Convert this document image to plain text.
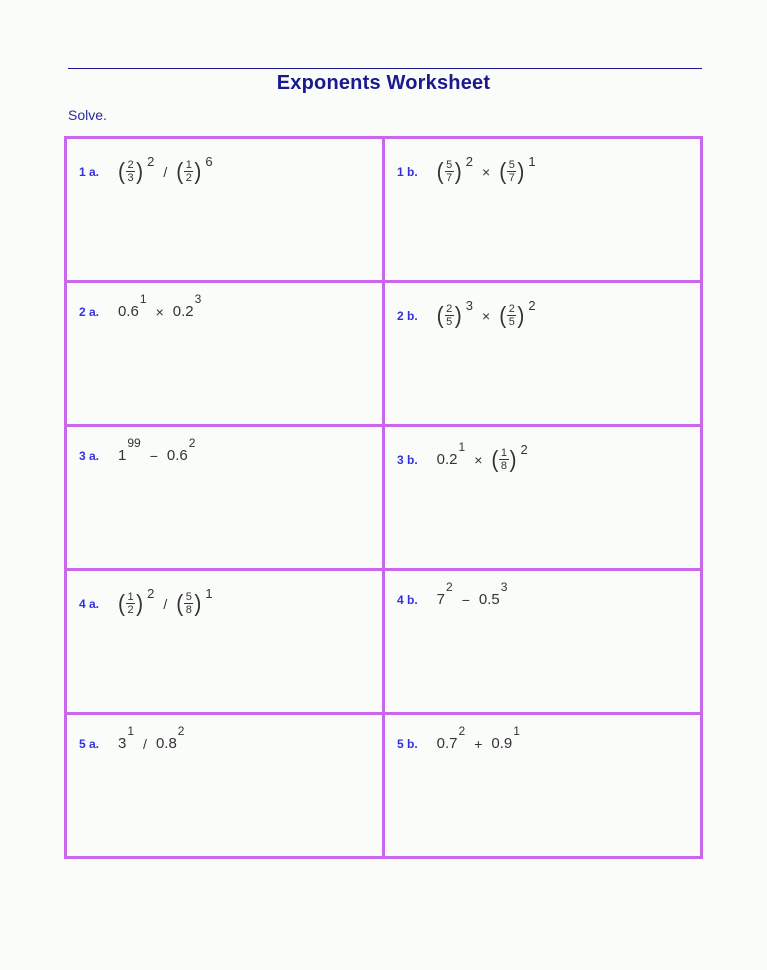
Exponents Worksheet
Solve.
1 a. ( $\frac{2}{3}$ ) $^2$
/ ( $\frac{1}{2}$ ) $^6$
1 b. ( $\frac{5}{7}$ ) $^2$
× ( $\frac{5}{7}$ ) $^1$
2 a. $0.6^1$
× $0.2^3$
2 b. ( $\frac{2}{5}$ ) $^3$
× ( $\frac{2}{5}$ ) $^2$
3 a. $1^{99}$
− $0.6^2$
3 b. $0.2^1$
× ( $\frac{1}{8}$ ) $^2$
4 a. ( $\frac{1}{2}$ ) $^2$
/ ( $\frac{5}{8}$ ) $^1$	4 b. $7^2$
− $0.5^3$
5 a. $3^1$
/ $0.8^2$
5 b. $0.7^2$
+ $0.9^1$
